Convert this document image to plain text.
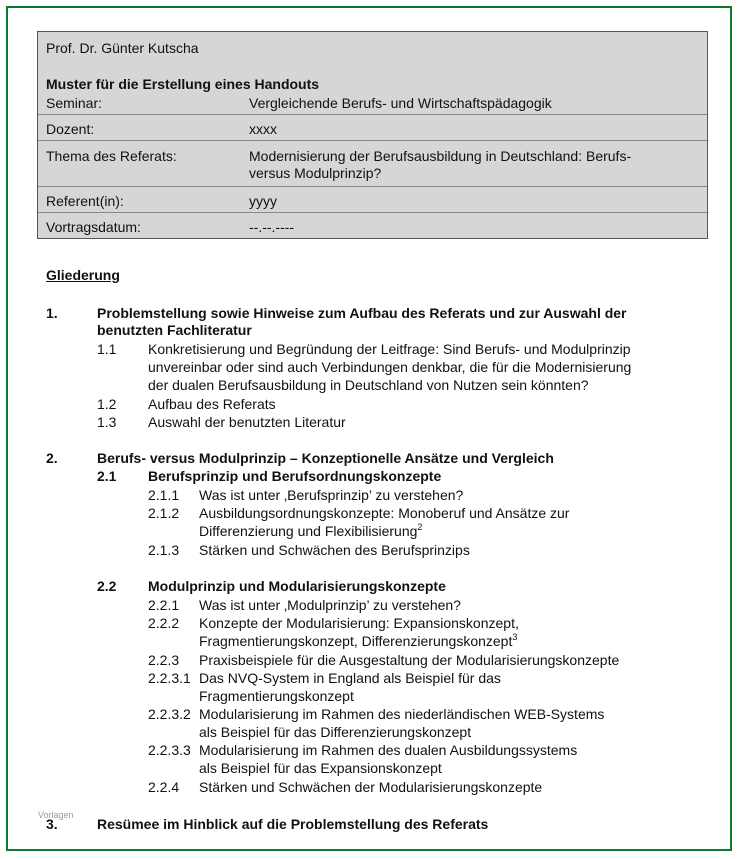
Prof. Dr. Günter Kutscha
Muster für die Erstellung eines Handouts
Seminar:	Vergleichende Berufs- und Wirtschaftspädagogik
Dozent:	xxxx
Thema des Referats:	Modernisierung der Berufsausbildung in Deutschland: Berufs-
versus Modulprinzip?
Referent(in):	yyyy
Vortragsdatum:	--.--.----
Gliederung
1.	Problemstellung sowie Hinweise zum Aufbau des Referats und zur Auswahl der
benutzten Fachliteratur
1.1 Konkretisierung und Begründung der Leitfrage: Sind Berufs- und Modulprinzip
unvereinbar oder sind auch Verbindungen denkbar, die für die Modernisierung
der dualen Berufsausbildung in Deutschland von Nutzen sein könnten?
1.2 Aufbau des Referats
1.3 Auswahl der benutzten Literatur
2.	Berufs- versus Modulprinzip – Konzeptionelle Ansätze und Vergleich
2.1 Berufsprinzip und Berufsordnungskonzepte
2.1.1 Was ist unter ‚Berufsprinzip’ zu verstehen?
2.1.2 Ausbildungsordnungskonzepte: Monoberuf und Ansätze zur
Differenzierung und Flexibilisierung$^2$
2.1.3 Stärken und Schwächen des Berufsprinzips
2.2 Modulprinzip und Modularisierungskonzepte
2.2.1 Was ist unter ‚Modulprinzip’ zu verstehen?
2.2.2 Konzepte der Modularisierung: Expansionskonzept,
Fragmentierungskonzept, Differenzierungskonzept$^3$
2.2.3 Praxisbeispiele für die Ausgestaltung der Modularisierungskonzepte
2.2.3.1 Das NVQ-System in England als Beispiel für das
Fragmentierungskonzept
2.2.3.2 Modularisierung im Rahmen des niederländischen WEB-Systems
als Beispiel für das Differenzierungskonzept
2.2.3.3 Modularisierung im Rahmen des dualen Ausbildungssystems
als Beispiel für das Expansionskonzept
2.2.4 Stärken und Schwächen der Modularisierungskonzepte
Vorlagen
3.	Resümee im Hinblick auf die Problemstellung des Referats
